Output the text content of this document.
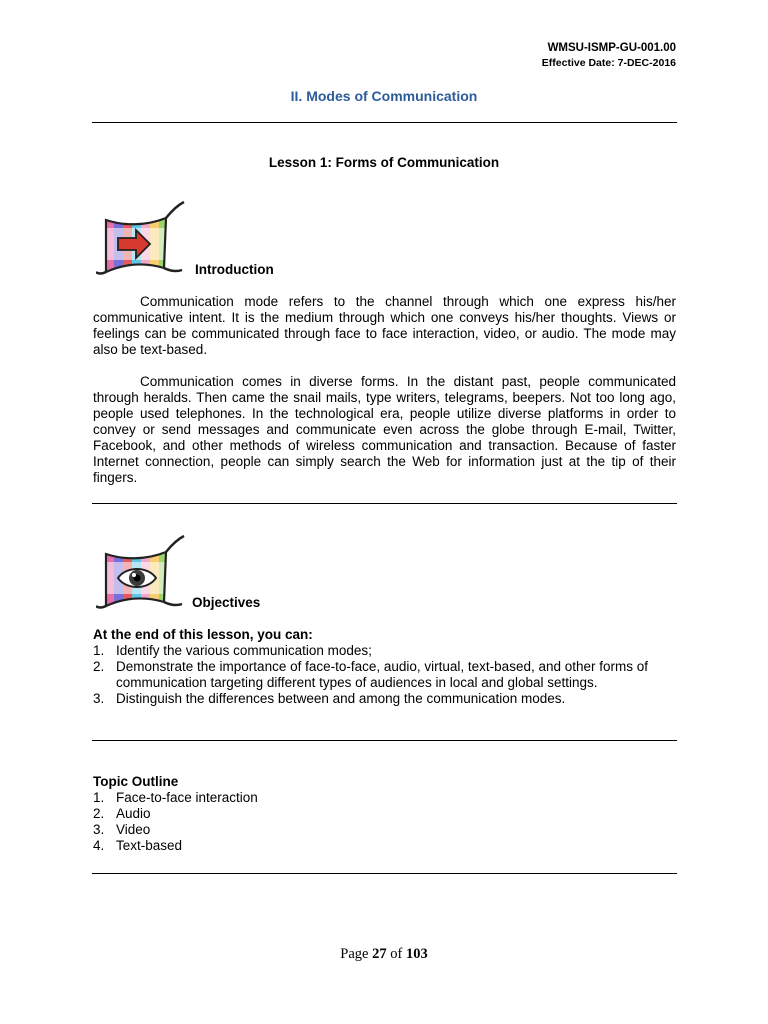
WMSU-ISMP-GU-001.00
Effective Date: 7-DEC-2016
II. Modes of Communication
Lesson 1: Forms of Communication
Introduction

Communication mode refers to the channel through which one express his/her communicative intent. It is the medium through which one conveys his/her thoughts. Views or feelings can be communicated through face to face interaction, video, or audio. The mode may also be text-based.

Communication comes in diverse forms. In the distant past, people communicated through heralds. Then came the snail mails, type writers, telegrams, beepers. Not too long ago, people used telephones. In the technological era, people utilize diverse platforms in order to convey or send messages and communicate even across the globe through E-mail, Twitter, Facebook, and other methods of wireless communication and transaction. Because of faster Internet connection, people can simply search the Web for information just at the tip of their fingers.

Objectives
At the end of this lesson, you can:
1. Identify the various communication modes;
2. Demonstrate the importance of face-to-face, audio, virtual, text-based, and other forms of communication targeting different types of audiences in local and global settings.
3. Distinguish the differences between and among the communication modes.
Topic Outline
1. Face-to-face interaction
2. Audio
3. Video
4. Text-based
Page 27 of 103
